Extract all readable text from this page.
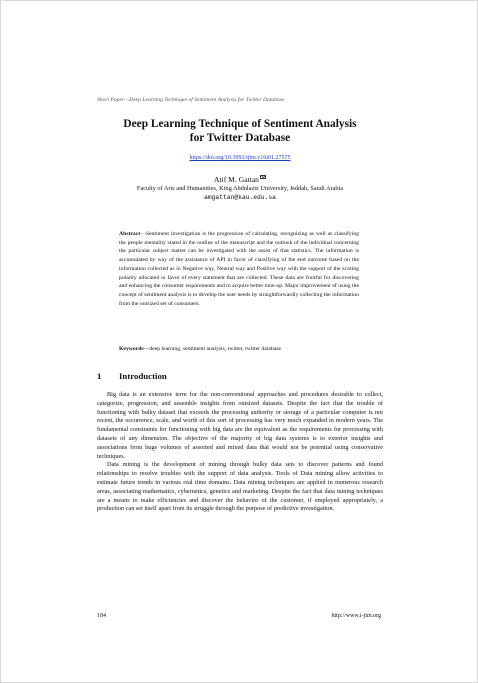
Short Paper—Deep Learning Technique of Sentiment Analysis for Twitter Database
Deep Learning Technique of Sentiment Analysis
for Twitter Database
https://doi.org/10.3991/ijim.v16i01.27575
Atif M. Gattan
Faculty of Arts and Humanities, King Abdulaziz University, Jeddah, Saudi Arabia
amgattan@kau.edu.sa
Abstract—Sentiment investigation is the progression of calculating, recognizing as well as classifying the people mentality stated in the outline of the manuscript and the outlook of the individual concerning the particular subject matter can be investigated with the assist of that statistics. The information is accumulated by way of the assistance of API in favor of classifying of the end outcome based on the information collected as in Negative way, Neutral way and Positive way with the support of the scoring polarity allocated in favor of every statement that are collected. These data are fruitful for discovering and enhancing the consumer requirements and to acquire better tune-up. Major improvement of using the concept of sentiment analysis is to develop the user needs by straightforwardly collecting the information from the outsized set of consumers.
Keywords—deep learning, sentiment analysis, twitter, twitter database
1 Introduction

Big data is an extensive term for the non-conventional approaches and procedures desirable to collect, categorize, progression, and assemble insights from outsized datasets. Despite the fact that the trouble of functioning with bulky dataset that exceeds the processing authority or storage of a particular computer is not recent, the occurrence, scale, and worth of this sort of processing has very much expanded in modern years. The fundamental constraints for functioning with big data are the equivalent as the requirements for processing with datasets of any dimension. The objective of the majority of big data systems is to exterior insights and associations from huge volumes of assorted and mixed data that would not be potential using conservative techniques.

Data mining is the development of mining through bulky data sets to discover patterns and found relationships to resolve troubles with the support of data analysis. Tools of Data mining allow activities to estimate future trends in various real time domains. Data mining techniques are applied in numerous research areas, associating mathematics, cybernetics, genetics and marketing. Despite the fact that data mining techniques are a means to make efficiencies and discover the behavior of the customer, if employed appropriately, a production can set itself apart from its struggle through the purpose of predictive investigation.

184	http://www.i-jim.org
